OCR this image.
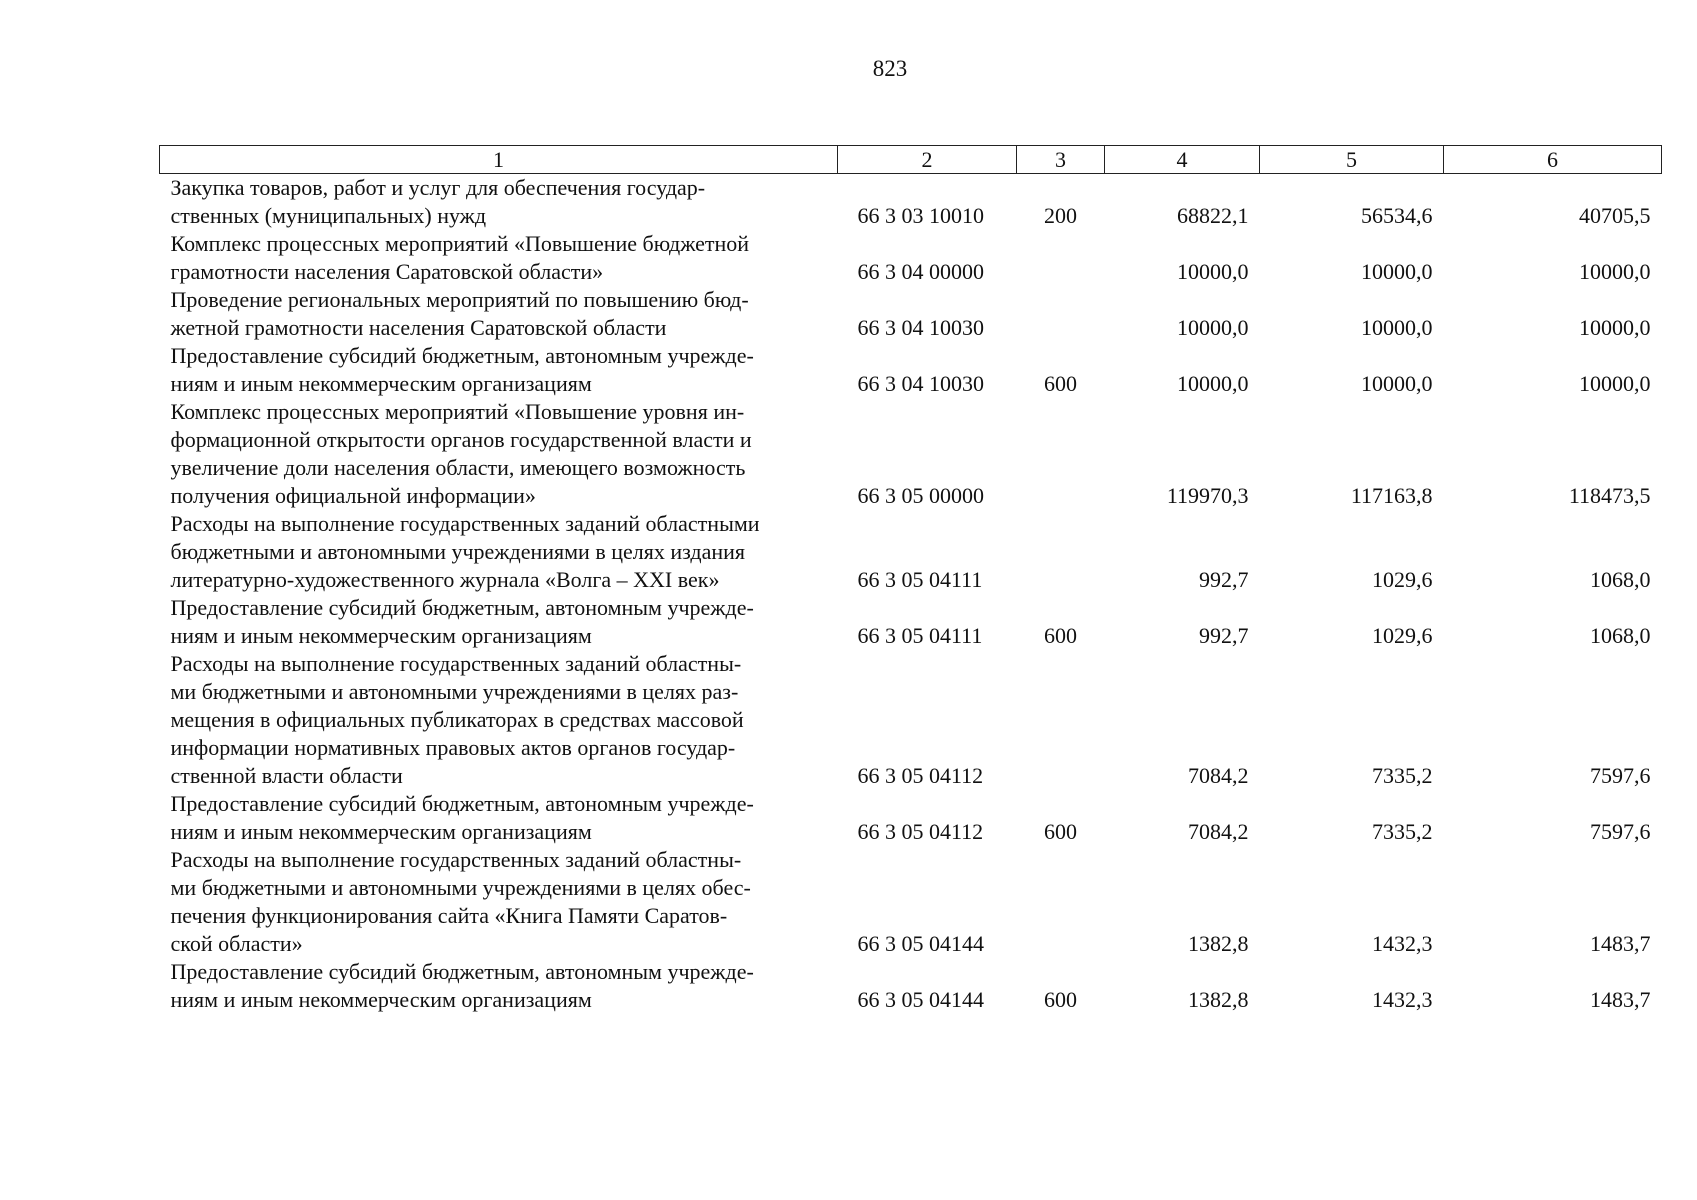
823
1	2	3	4	5	6
Закупка товаров, работ и услуг для обеспечения государ-
ственных (муниципальных) нужд	66 3 03 10010	200	68822,1	56534,6	40705,5
Комплекс процессных мероприятий «Повышение бюджетной
грамотности населения Саратовской области»	66 3 04 00000		10000,0	10000,0	10000,0
Проведение региональных мероприятий по повышению бюд-
жетной грамотности населения Саратовской области	66 3 04 10030		10000,0	10000,0	10000,0
Предоставление субсидий бюджетным, автономным учрежде-
ниям и иным некоммерческим организациям	66 3 04 10030	600	10000,0	10000,0	10000,0
Комплекс процессных мероприятий «Повышение уровня ин-
формационной открытости органов государственной власти и
увеличение доли населения области, имеющего возможность
получения официальной информации»	66 3 05 00000		119970,3	117163,8	118473,5
Расходы на выполнение государственных заданий областными
бюджетными и автономными учреждениями в целях издания
литературно-художественного журнала «Волга – XXI век»	66 3 05 04111		992,7	1029,6	1068,0
Предоставление субсидий бюджетным, автономным учрежде-
ниям и иным некоммерческим организациям	66 3 05 04111	600	992,7	1029,6	1068,0
Расходы на выполнение государственных заданий областны-
ми бюджетными и автономными учреждениями в целях раз-
мещения в официальных публикаторах в средствах массовой
информации нормативных правовых актов органов государ-
ственной власти области	66 3 05 04112		7084,2	7335,2	7597,6
Предоставление субсидий бюджетным, автономным учрежде-
ниям и иным некоммерческим организациям	66 3 05 04112	600	7084,2	7335,2	7597,6
Расходы на выполнение государственных заданий областны-
ми бюджетными и автономными учреждениями в целях обес-
печения функционирования сайта «Книга Памяти Саратов-
ской области»	66 3 05 04144		1382,8	1432,3	1483,7
Предоставление субсидий бюджетным, автономным учрежде-
ниям и иным некоммерческим организациям	66 3 05 04144	600	1382,8	1432,3	1483,7
